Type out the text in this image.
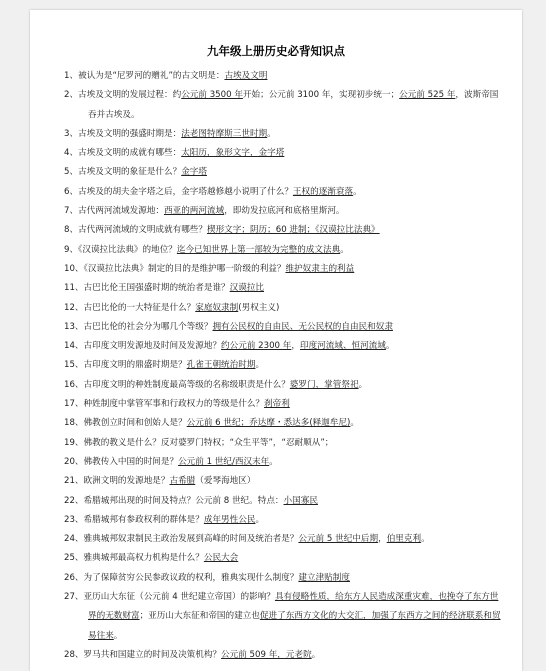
九年级上册历史必背知识点
1、被认为是“尼罗河的赠礼”的古文明是：古埃及文明
2、古埃及文明的发展过程：约公元前 3500 年开始；公元前 3100 年，实现初步统一；公元前 525 年，波斯帝国吞并古埃及。
3、古埃及文明的强盛时期是：法老图特摩斯三世时期。
4、古埃及文明的成就有哪些：太阳历，象形文字，金字塔
5、古埃及文明的象征是什么？金字塔
6、古埃及的胡夫金字塔之后，金字塔越修越小说明了什么？王权的逐渐衰落。
7、古代两河流域发源地：西亚的两河流域，即幼发拉底河和底格里斯河。
8、古代两河流域的文明成就有哪些？楔形文字；阴历；60 进制；《汉谟拉比法典》
9、《汉谟拉比法典》的地位？迄今已知世界上第一部较为完整的成文法典。
10、《汉谟拉比法典》制定的目的是维护哪一阶级的利益？维护奴隶主的利益
11、古巴比伦王国强盛时期的统治者是谁？汉谟拉比
12、古巴比伦的一大特征是什么？家庭奴隶制(男权主义)
13、古巴比伦的社会分为哪几个等级？拥有公民权的自由民、无公民权的自由民和奴隶
14、古印度文明发源地及时间及发源地？约公元前 2300 年，印度河流域、恒河流域。
15、古印度文明的鼎盛时期是？孔雀王朝统治时期。
16、古印度文明的种姓制度最高等级的名称级职责是什么？婆罗门，掌管祭祀。
17、种姓制度中掌管军事和行政权力的等级是什么？刹帝利
18、佛教创立时间和创始人是？公元前 6 世纪；乔达摩・悉达多(释迦牟尼)。
19、佛教的教义是什么？反对婆罗门特权；“众生平等”，“忍耐顺从”；
20、佛教传入中国的时间是？公元前 1 世纪/西汉末年。
21、欧洲文明的发源地是？古希腊（爱琴海地区）
22、希腊城邦出现的时间及特点？公元前 8 世纪。特点：小国寡民
23、希腊城邦有参政权利的群体是？成年男性公民。
24、雅典城邦奴隶制民主政治发展到高峰的时间及统治者是？公元前 5 世纪中后期，伯里克利。
25、雅典城邦最高权力机构是什么？公民大会
26、为了保障贫穷公民参政议政的权利，雅典实现什么制度？建立津贴制度
27、亚历山大东征（公元前 4 世纪建立帝国）的影响？具有侵略性质，给东方人民造成深重灾难，也挽夺了东方世界的无数财富；亚历山大东征和帝国的建立也促进了东西方文化的大交汇，加强了东西方之间的经济联系和贸易往来。
28、罗马共和国建立的时间及决策机构？公元前 509 年，元老院。
